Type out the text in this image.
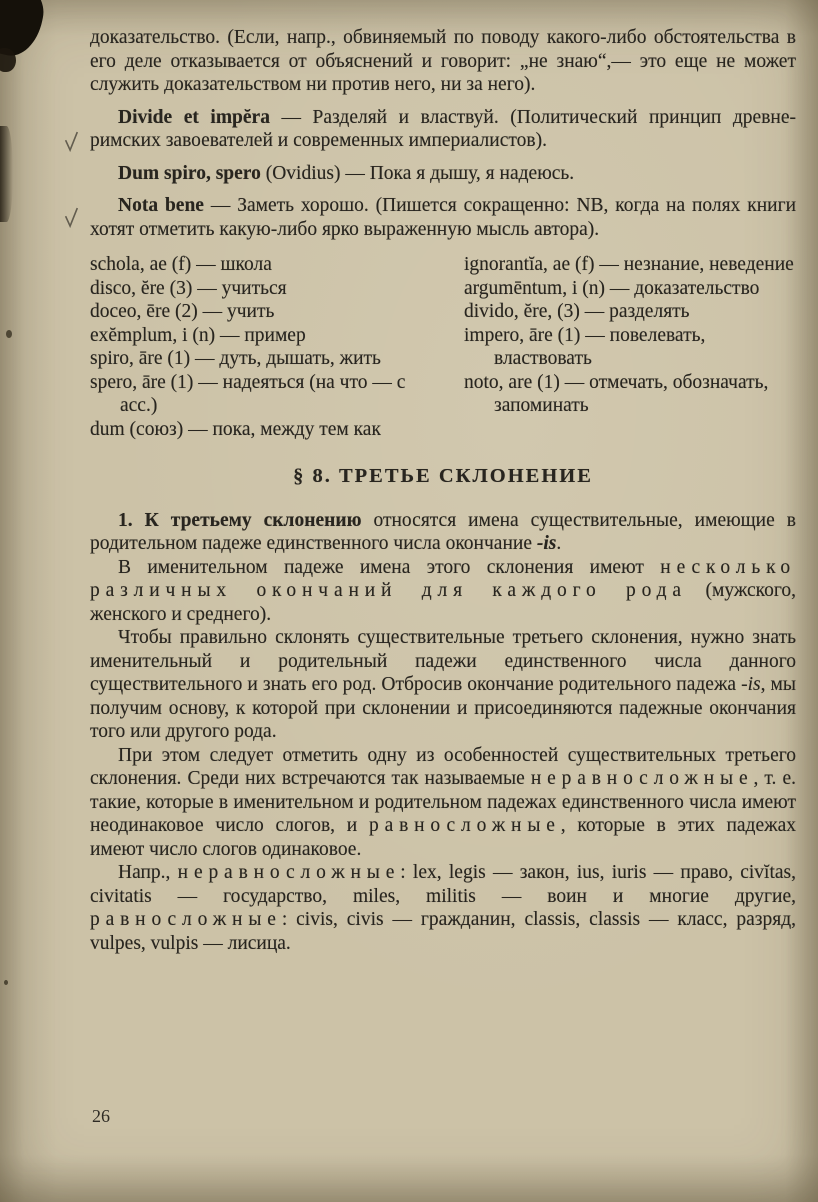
доказательство. (Если, напр., обвиняемый по поводу какого-либо обстоятельства в его деле отказывается от объяснений и говорит: „не знаю“,— это еще не может служить доказательством ни против него, ни за него).

Divide et impĕra — Разделяй и властвуй. (Политический принцип древне-римских завоевателей и современных империалистов).

Dum spiro, spero (Ovidius) — Пока я дышу, я надеюсь.

Nota bene — Заметь хорошо. (Пишется сокращенно: NB, когда на полях книги хотят отметить какую-либо ярко выраженную мысль автора).

schola, ae (f) — школа
disco, ĕre (3) — учиться
doceo, ēre (2) — учить
exĕmplum, i (n) — пример
spiro, āre (1) — дуть, дышать, жить
spero, āre (1) — надеяться (на что — с acc.)
dum (союз) — пока, между тем как
ignorantĭa, ae (f) — незнание, неведение
argumēntum, i (n) — доказательство
divido, ĕre, (3) — разделять
impero, āre (1) — повелевать, властвовать
noto, are (1) — отмечать, обозначать, запоминать
§ 8. ТРЕТЬЕ СКЛОНЕНИЕ

1. К третьему склонению относятся имена существительные, имеющие в родительном падеже единственного числа окончание -is.

В именительном падеже имена этого склонения имеют несколько различных окончаний для каждого рода (мужского, женского и среднего).

Чтобы правильно склонять существительные третьего склонения, нужно знать именительный и родительный падежи единственного числа данного существительного и знать его род. Отбросив окончание родительного падежа -is, мы получим основу, к которой при склонении и присоединяются падежные окончания того или другого рода.

При этом следует отметить одну из особенностей существительных третьего склонения. Среди них встречаются так называемые неравносложные, т. е. такие, которые в именительном и родительном падежах единственного числа имеют неодинаковое число слогов, и равносложные, которые в этих падежах имеют число слогов одинаковое.

Напр., неравносложные: lex, legis — закон, ius, iuris — право, civĭtas, civitatis — государство, miles, militis — воин и многие другие, равносложные: civis, civis — гражданин, classis, classis — класс, разряд, vulpes, vulpis — лисица.

26
